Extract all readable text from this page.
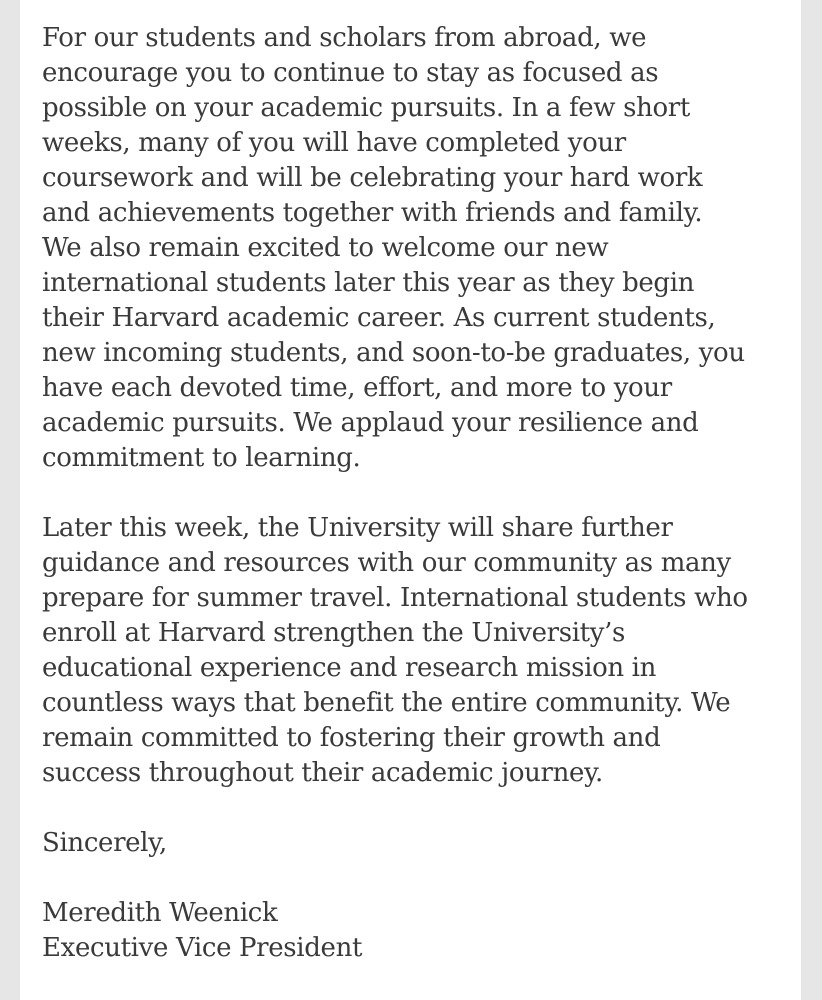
For our students and scholars from abroad, we
encourage you to continue to stay as focused as
possible on your academic pursuits. In a few short
weeks, many of you will have completed your
coursework and will be celebrating your hard work
and achievements together with friends and family.
We also remain excited to welcome our new
international students later this year as they begin
their Harvard academic career. As current students,
new incoming students, and soon-to-be graduates, you
have each devoted time, effort, and more to your
academic pursuits. We applaud your resilience and
commitment to learning.
Later this week, the University will share further
guidance and resources with our community as many
prepare for summer travel. International students who
enroll at Harvard strengthen the University’s
educational experience and research mission in
countless ways that benefit the entire community. We
remain committed to fostering their growth and
success throughout their academic journey.
Sincerely,
Meredith Weenick
Executive Vice President
